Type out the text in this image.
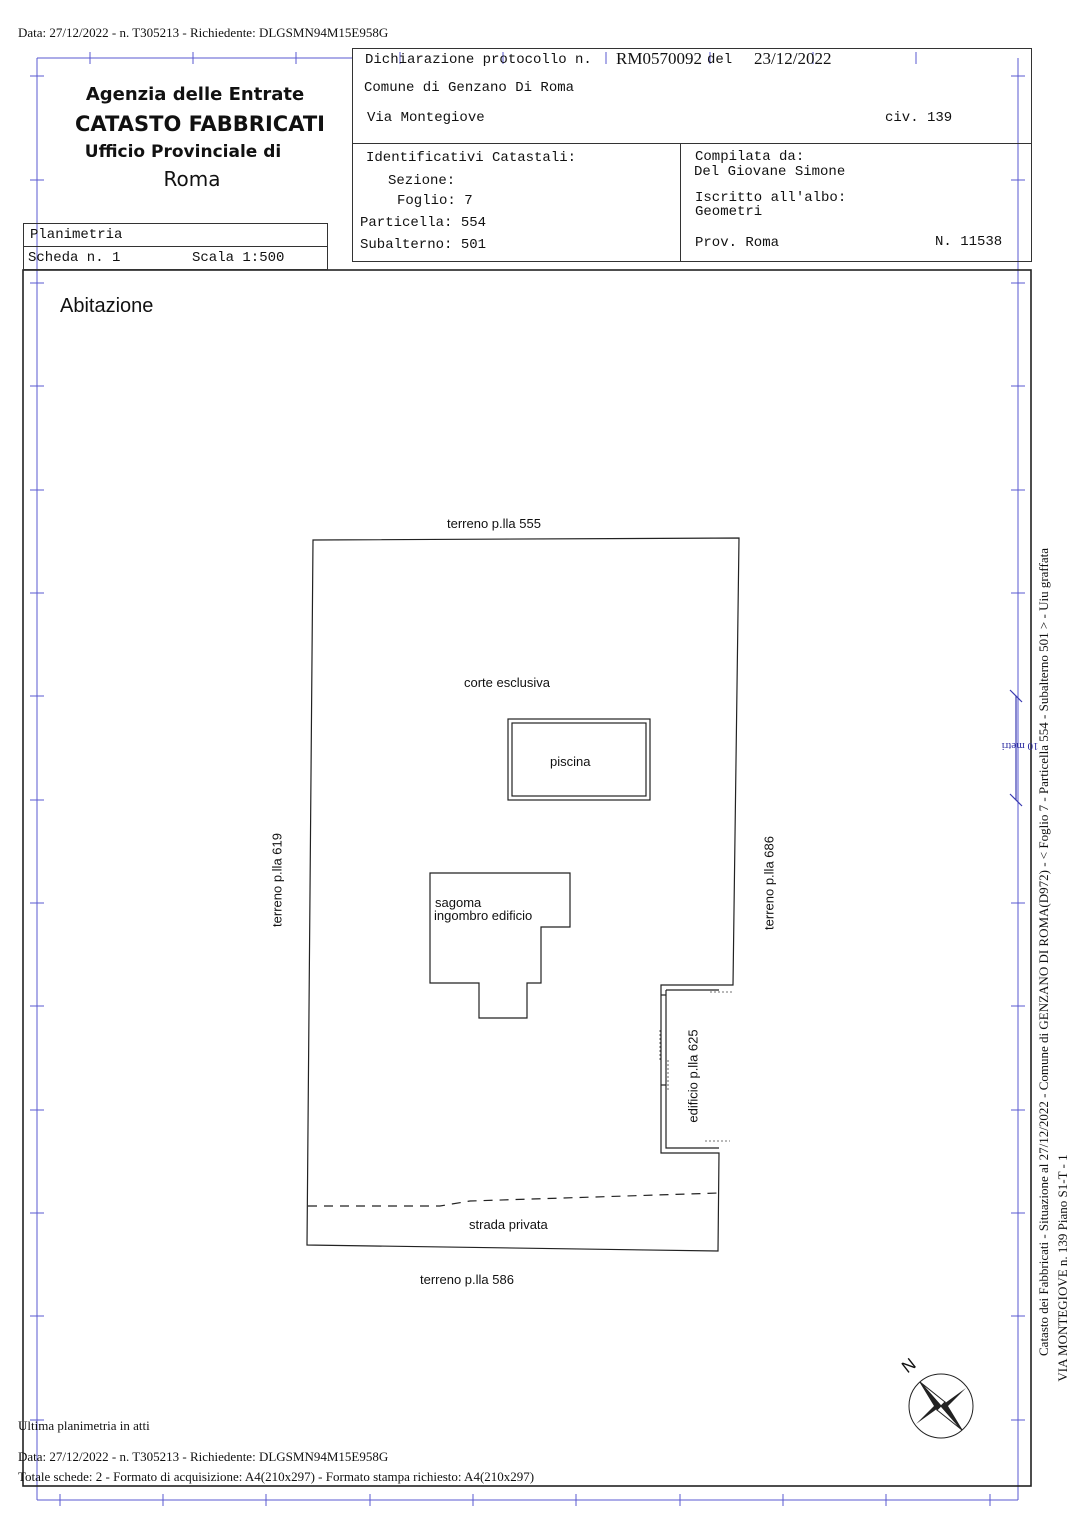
Data: 27/12/2022 - n. T305213 - Richiedente: DLGSMN94M15E958G
Agenzia delle Entrate
CATASTO FABBRICATI
Ufficio Provinciale di
Roma
Planimetria
Scheda n. 1	Scala 1:500
Dichiarazione protocollo n. RM0570092 del 23/12/2022
Comune di Genzano Di Roma
Via Montegiove	civ. 139
Identificativi Catastali:
Sezione:
Foglio: 7
Particella: 554
Subalterno: 501
Compilata da:
Del Giovane Simone
Iscritto all'albo:
Geometri
Prov. Roma	N. 11538
Abitazione
terreno p.lla 555
corte esclusiva
piscina
sagoma
ingombro edificio
strada privata
terreno p.lla 586
terreno p.lla 619	terreno p.lla 686
edificio p.lla 625
N
10 metri
Catasto dei Fabbricati - Situazione al 27/12/2022 - Comune di GENZANO DI ROMA(D972) - < Foglio 7 - Particella 554 - Subalterno 501 > - Uiu graffata VIA MONTEGIOVE n. 139 Piano S1-T - 1
Ultima planimetria in atti
Data: 27/12/2022 - n. T305213 - Richiedente: DLGSMN94M15E958G
Totale schede: 2 - Formato di acquisizione: A4(210x297) - Formato stampa richiesto: A4(210x297)
